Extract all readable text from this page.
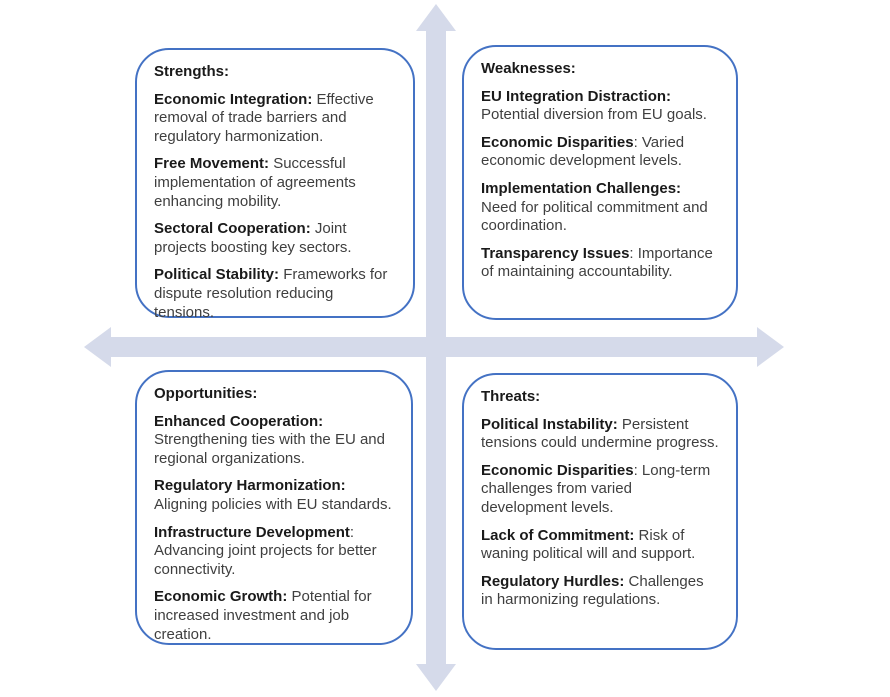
Strengths:

Economic Integration: Effective removal of trade barriers and regulatory harmonization.

Free Movement: Successful implementation of agreements enhancing mobility.

Sectoral Cooperation: Joint projects boosting key sectors.

Political Stability: Frameworks for dispute resolution reducing tensions.

Weaknesses:

EU Integration Distraction: Potential diversion from EU goals.

Economic Disparities: Varied economic development levels.

Implementation Challenges: Need for political commitment and coordination.

Transparency Issues: Importance of maintaining accountability.

Opportunities:

Enhanced Cooperation: Strengthening ties with the EU and regional organizations.

Regulatory Harmonization: Aligning policies with EU standards.

Infrastructure Development: Advancing joint projects for better connectivity.

Economic Growth: Potential for increased investment and job creation.

Threats:

Political Instability: Persistent tensions could undermine progress.

Economic Disparities: Long-term challenges from varied development levels.

Lack of Commitment: Risk of waning political will and support.

Regulatory Hurdles: Challenges in harmonizing regulations.
